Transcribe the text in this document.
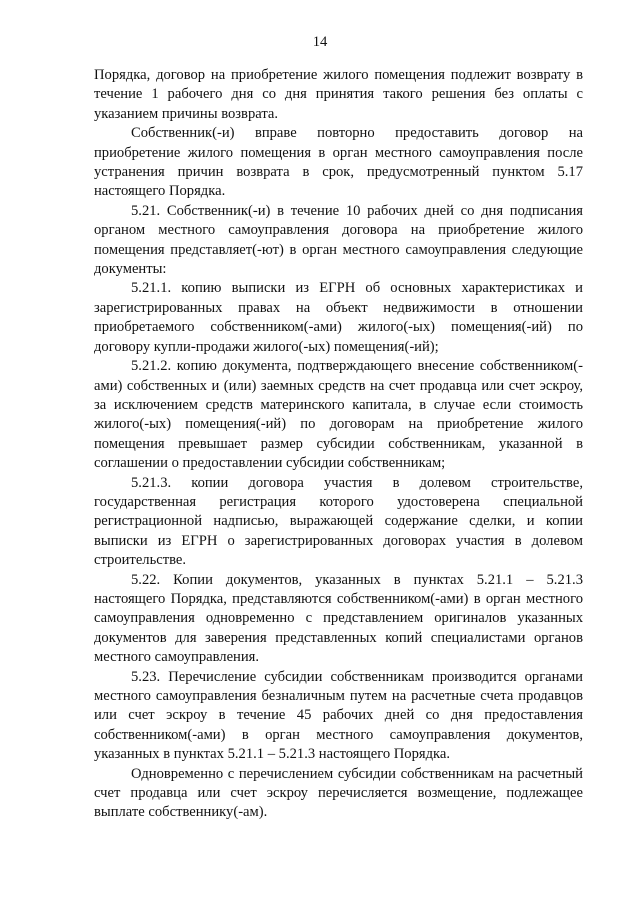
14

Порядка, договор на приобретение жилого помещения подлежит возврату в течение 1 рабочего дня со дня принятия такого решения без оплаты с указанием причины возврата.

Собственник(-и) вправе повторно предоставить договор на приобретение жилого помещения в орган местного самоуправления после устранения причин возврата в срок, предусмотренный пунктом 5.17 настоящего Порядка.

5.21. Собственник(-и) в течение 10 рабочих дней со дня подписания органом местного самоуправления договора на приобретение жилого помещения представляет(-ют) в орган местного самоуправления следующие документы:

5.21.1. копию выписки из ЕГРН об основных характеристиках и зарегистрированных правах на объект недвижимости в отношении приобретаемого собственником(-ами) жилого(-ых) помещения(-ий) по договору купли-продажи жилого(-ых) помещения(-ий);

5.21.2. копию документа, подтверждающего внесение собственником(-ами) собственных и (или) заемных средств на счет продавца или счет эскроу, за исключением средств материнского капитала, в случае если стоимость жилого(-ых) помещения(-ий) по договорам на приобретение жилого помещения превышает размер субсидии собственникам, указанной в соглашении о предоставлении субсидии собственникам;

5.21.3. копии договора участия в долевом строительстве, государственная регистрация которого удостоверена специальной регистрационной надписью, выражающей содержание сделки, и копии выписки из ЕГРН о зарегистрированных договорах участия в долевом строительстве.

5.22. Копии документов, указанных в пунктах 5.21.1 – 5.21.3 настоящего Порядка, представляются собственником(-ами) в орган местного самоуправления одновременно с представлением оригиналов указанных документов для заверения представленных копий специалистами органов местного самоуправления.

5.23. Перечисление субсидии собственникам производится органами местного самоуправления безналичным путем на расчетные счета продавцов или счет эскроу в течение 45 рабочих дней со дня предоставления собственником(-ами) в орган местного самоуправления документов, указанных в пунктах 5.21.1 – 5.21.3 настоящего Порядка.

Одновременно с перечислением субсидии собственникам на расчетный счет продавца или счет эскроу перечисляется возмещение, подлежащее выплате собственнику(-ам).
